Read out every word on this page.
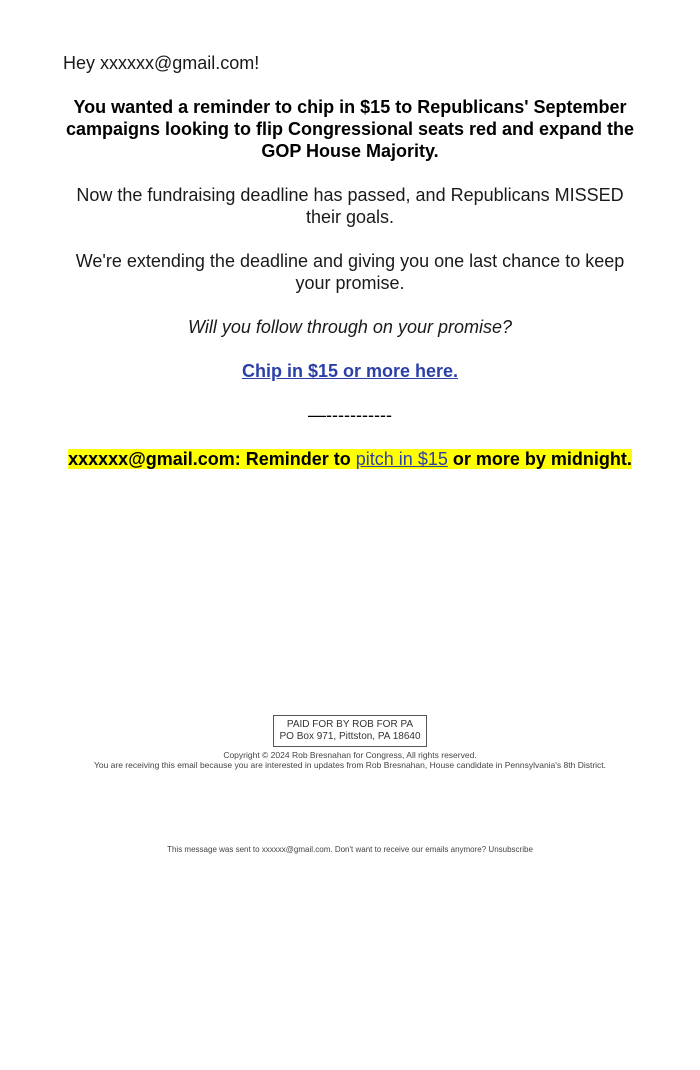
Hey xxxxxx@gmail.com!

You wanted a reminder to chip in $15 to Republicans' September campaigns looking to flip Congressional seats red and expand the GOP House Majority.

Now the fundraising deadline has passed, and Republicans MISSED their goals.

We're extending the deadline and giving you one last chance to keep your promise.

Will you follow through on your promise?

Chip in $15 or more here.

—-----------

xxxxxx@gmail.com: Reminder to pitch in $15 or more by midnight.
PAID FOR BY ROB FOR PA
PO Box 971, Pittston, PA 18640
Copyright © 2024 Rob Bresnahan for Congress, All rights reserved.
You are receiving this email because you are interested in updates from Rob Bresnahan, House candidate in Pennsylvania's 8th District.
This message was sent to xxxxxx@gmail.com. Don't want to receive our emails anymore? Unsubscribe
